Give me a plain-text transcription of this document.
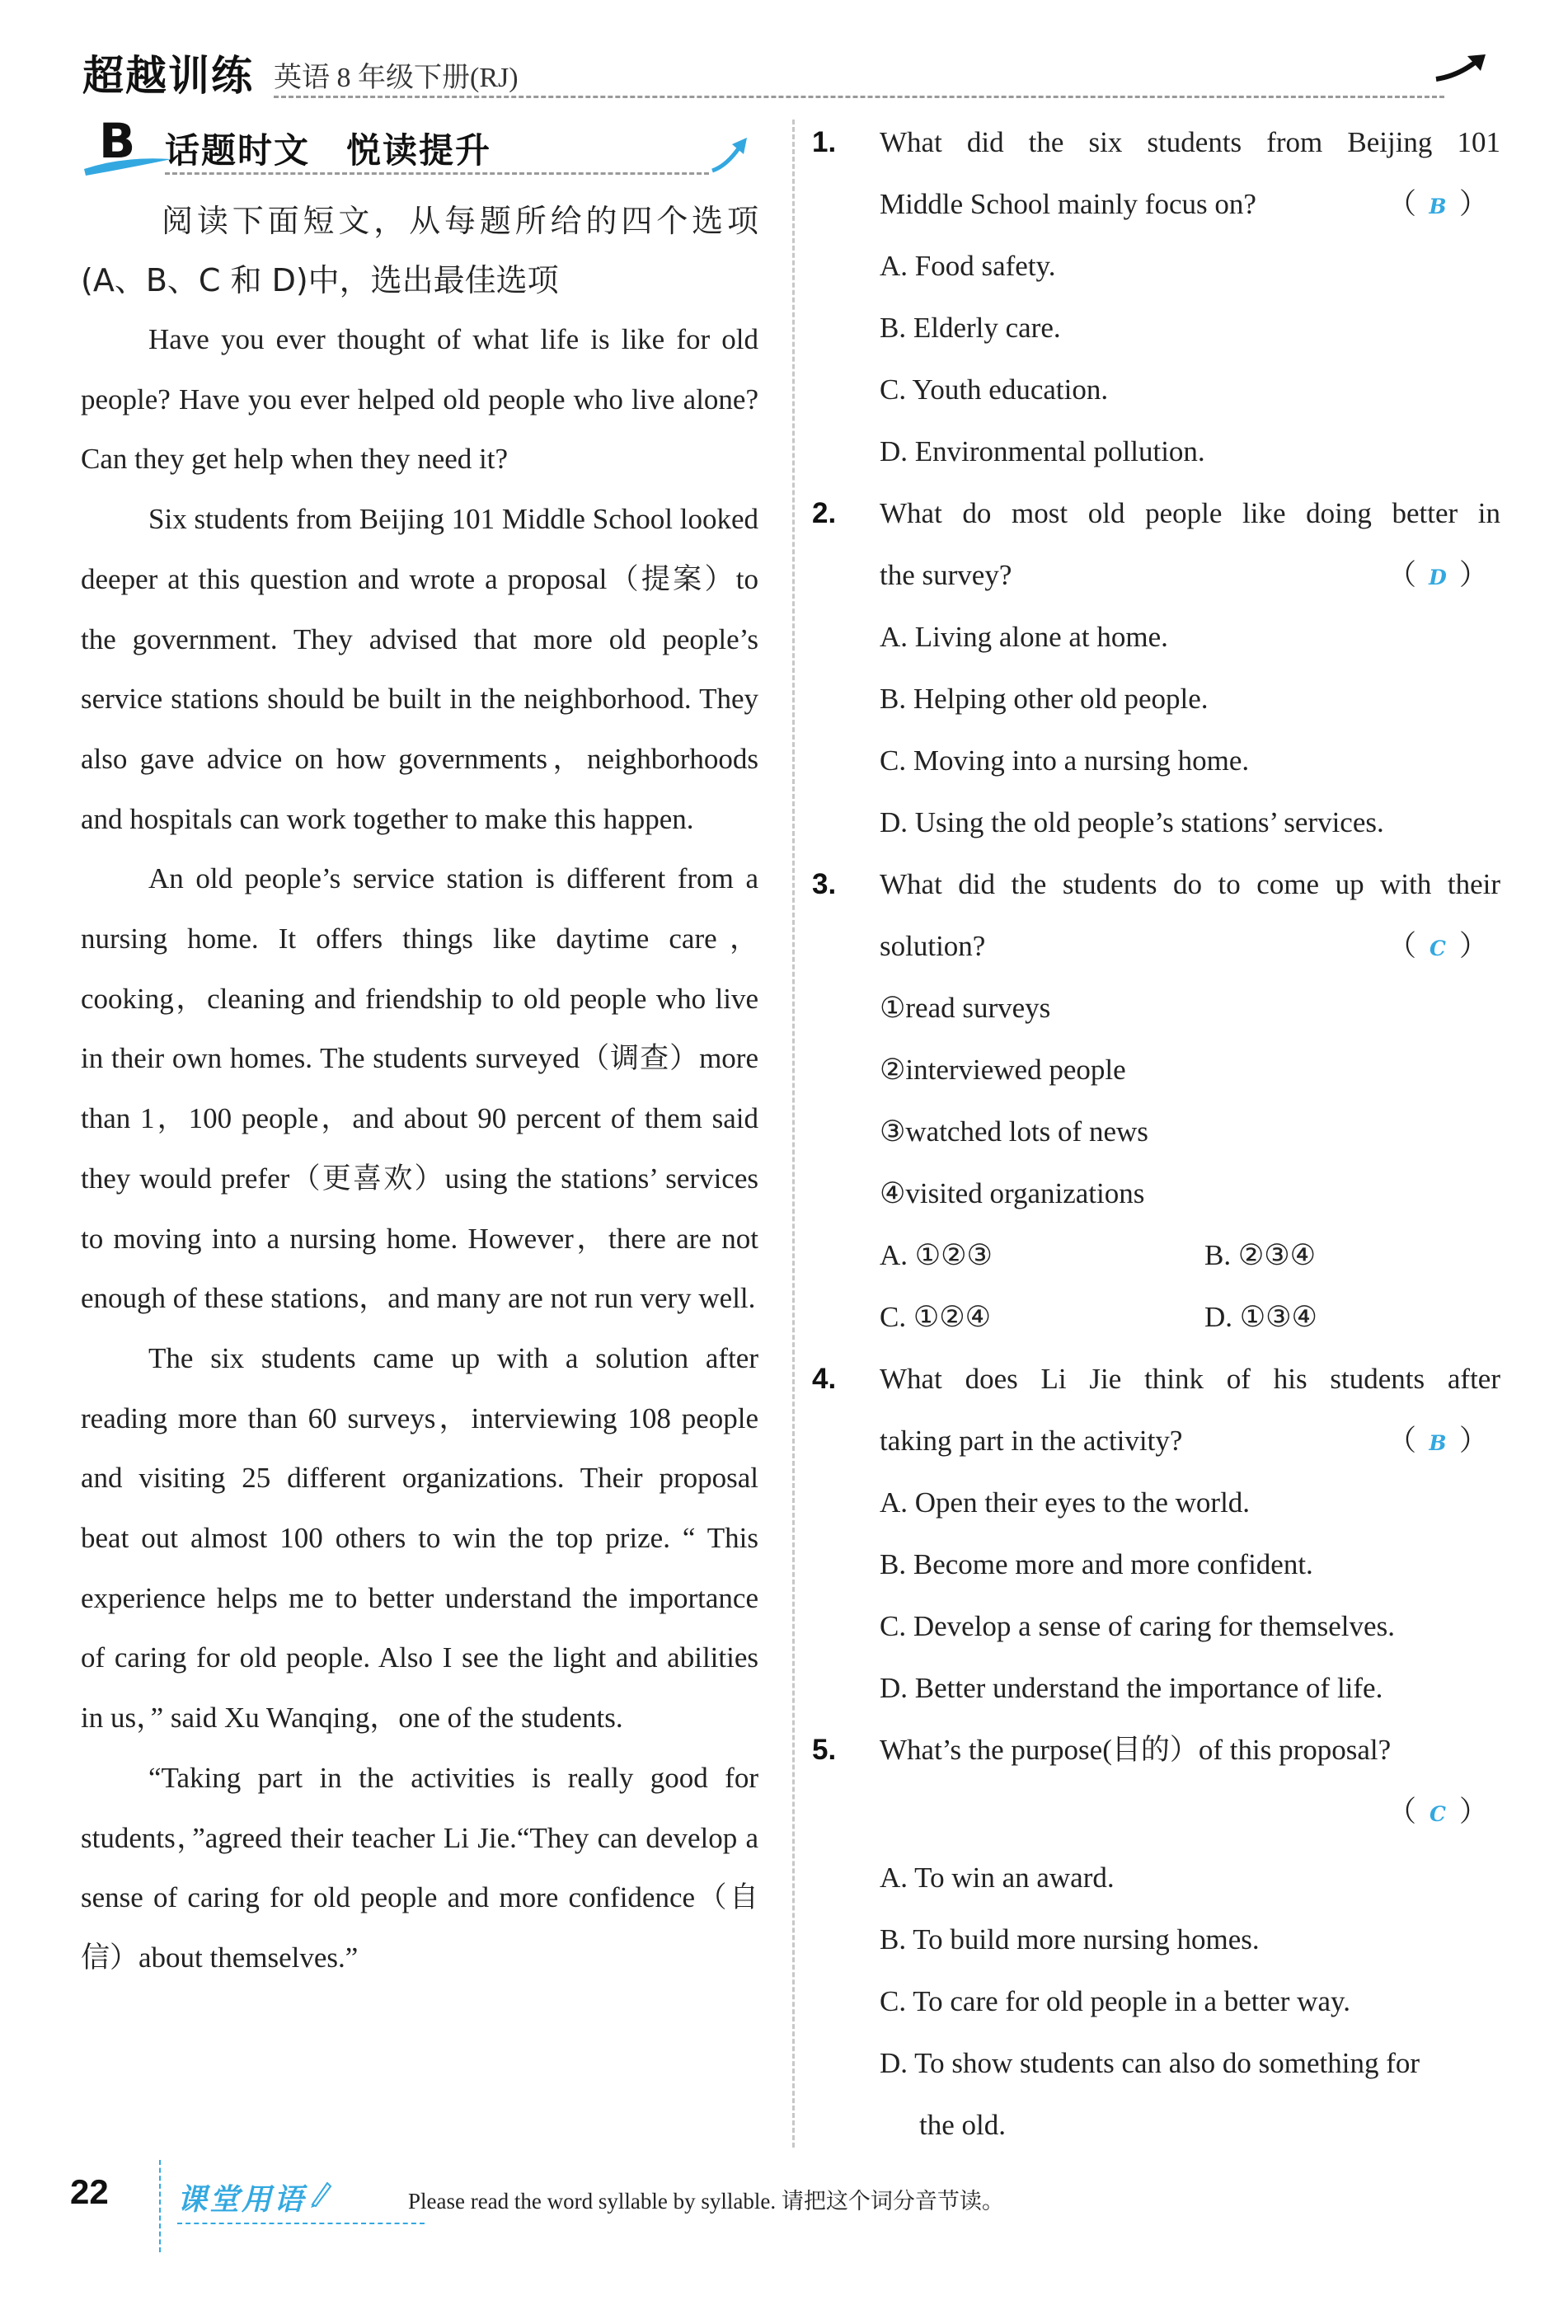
超越训练 英语 8 年级下册(RJ)
B 话题时文　悦读提升

阅读下面短文，从每题所给的四个选项(A、B、C 和 D)中，选出最佳选项

Have you ever thought of what life is like for old people? Have you ever helped old people who live alone? Can they get help when they need it?

Six students from Beijing 101 Middle School looked deeper at this question and wrote a proposal（提案）to the government. They advised that more old people’s service stations should be built in the neighborhood. They also gave advice on how governments，neighborhoods and hospitals can work together to make this happen.

An old people’s service station is different from a nursing home. It offers things like daytime care，cooking，cleaning and friendship to old people who live in their own homes. The students surveyed（调查）more than 1，100 people，and about 90 percent of them said they would prefer（更喜欢）using the stations’ services to moving into a nursing home. However，there are not enough of these stations，and many are not run very well.

The six students came up with a solution after reading more than 60 surveys，interviewing 108 people and visiting 25 different organizations. Their proposal beat out almost 100 others to win the top prize. “ This experience helps me to better understand the importance of caring for old people. Also I see the light and abilities in us，” said Xu Wanqing，one of the students.

“Taking part in the activities is really good for students，”agreed their teacher Li Jie.“They can develop a sense of caring for old people and more confidence（自信）about themselves.”

1. What did the six students from Beijing 101
Middle School mainly focus on?	（ B ）
A. Food safety.
B. Elderly care.
C. Youth education.
D. Environmental pollution.
2. What do most old people like doing better in
the survey?	（ D ）
A. Living alone at home.
B. Helping other old people.
C. Moving into a nursing home.
D. Using the old people’s stations’ services.
3. What did the students do to come up with their
solution?	（ C ）
①read surveys
②interviewed people
③watched lots of news
④visited organizations
A. ①②③	B. ②③④
C. ①②④	D. ①③④
4. What does Li Jie think of his students after
taking part in the activity?	（ B ）
A. Open their eyes to the world.
B. Become more and more confident.
C. Develop a sense of caring for themselves.
D. Better understand the importance of life.
5. What’s the purpose(目的）of this proposal?
（ C ）
A. To win an award.
B. To build more nursing homes.
C. To care for old people in a better way.
D. To show students can also do something for
the old.
22 课堂用语	Please read the word syllable by syllable. 请把这个词分音节读。
